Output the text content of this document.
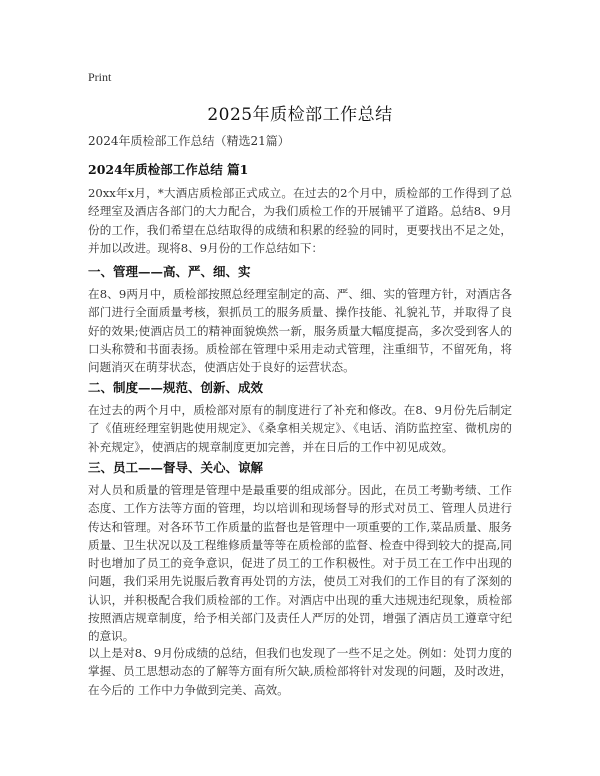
Print
2025年质检部工作总结
2024年质检部工作总结（精选21篇）
2024年质检部工作总结 篇1

20xx年x月，*大酒店质检部正式成立。在过去的2个月中，质检部的工作得到了总经理室及酒店各部门的大力配合，为我们质检工作的开展铺平了道路。总结8、9月份的工作，我们希望在总结取得的成绩和积累的经验的同时，更要找出不足之处，并加以改进。现将8、9月份的工作总结如下：

一、管理——高、严、细、实

在8、9两月中，质检部按照总经理室制定的高、严、细、实的管理方针，对酒店各部门进行全面质量考核，狠抓员工的服务质量、操作技能、礼貌礼节，并取得了良好的效果;使酒店员工的精神面貌焕然一新，服务质量大幅度提高，多次受到客人的口头称赞和书面表扬。质检部在管理中采用走动式管理，注重细节，不留死角，将问题消灭在萌芽状态，使酒店处于良好的运营状态。

二、制度——规范、创新、成效

在过去的两个月中，质检部对原有的制度进行了补充和修改。在8、9月份先后制定了《值班经理室钥匙使用规定》、《桑拿相关规定》、《电话、消防监控室、微机房的补充规定》，使酒店的规章制度更加完善，并在日后的工作中初见成效。

三、员工——督导、关心、谅解

对人员和质量的管理是管理中是最重要的组成部分。因此，在员工考勤考绩、工作态度、工作方法等方面的管理，均以培训和现场督导的形式对员工、管理人员进行传达和管理。对各环节工作质量的监督也是管理中一项重要的工作,菜品质量、服务质量、卫生状况以及工程维修质量等等在质检部的监督、检查中得到较大的提高,同时也增加了员工的竞争意识，促进了员工的工作积极性。对于员工在工作中出现的问题，我们采用先说服后教育再处罚的方法，使员工对我们的工作目的有了深刻的认识，并积极配合我们质检部的工作。对酒店中出现的重大违规违纪现象，质检部按照酒店规章制度，给予相关部门及责任人严厉的处罚，增强了酒店员工遵章守纪的意识。

以上是对8、9月份成绩的总结，但我们也发现了一些不足之处。例如：处罚力度的掌握、员工思想动态的了解等方面有所欠缺,质检部将针对发现的问题，及时改进，在今后的 工作中力争做到完美、高效。
